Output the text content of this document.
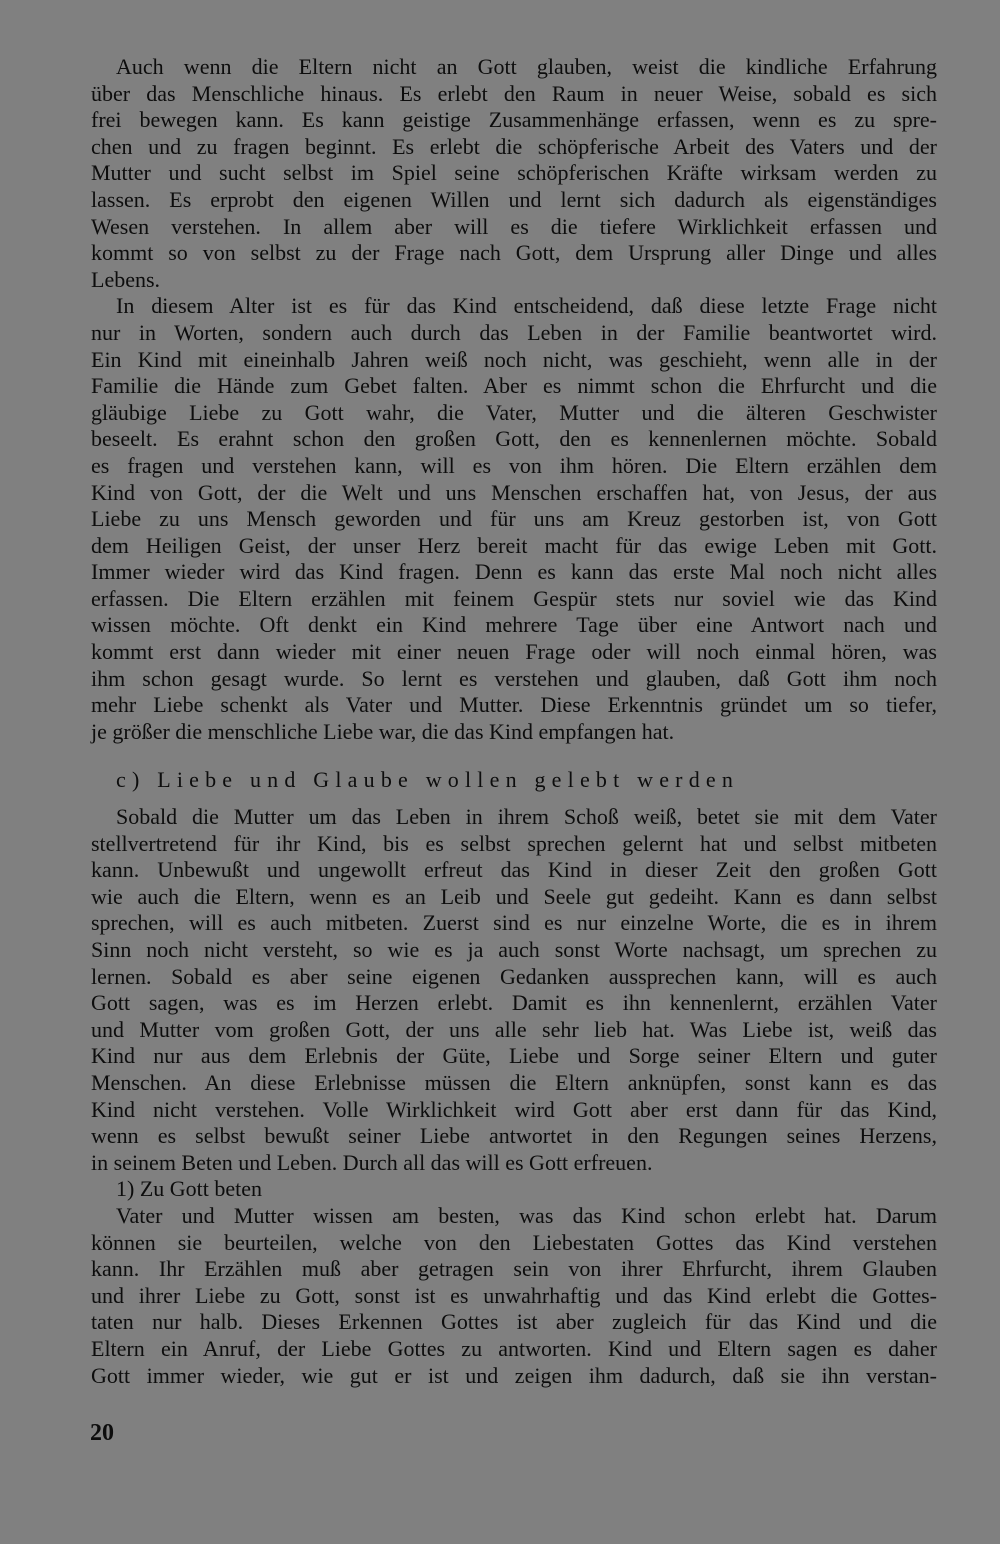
Auch wenn die Eltern nicht an Gott glauben, weist die kindliche Erfahrung
über das Menschliche hinaus. Es erlebt den Raum in neuer Weise, sobald es sich
frei bewegen kann. Es kann geistige Zusammenhänge erfassen, wenn es zu spre-
chen und zu fragen beginnt. Es erlebt die schöpferische Arbeit des Vaters und der
Mutter und sucht selbst im Spiel seine schöpferischen Kräfte wirksam werden zu
lassen. Es erprobt den eigenen Willen und lernt sich dadurch als eigenständiges
Wesen verstehen. In allem aber will es die tiefere Wirklichkeit erfassen und
kommt so von selbst zu der Frage nach Gott, dem Ursprung aller Dinge und alles
Lebens.
In diesem Alter ist es für das Kind entscheidend, daß diese letzte Frage nicht
nur in Worten, sondern auch durch das Leben in der Familie beantwortet wird.
Ein Kind mit eineinhalb Jahren weiß noch nicht, was geschieht, wenn alle in der
Familie die Hände zum Gebet falten. Aber es nimmt schon die Ehrfurcht und die
gläubige Liebe zu Gott wahr, die Vater, Mutter und die älteren Geschwister
beseelt. Es erahnt schon den großen Gott, den es kennenlernen möchte. Sobald
es fragen und verstehen kann, will es von ihm hören. Die Eltern erzählen dem
Kind von Gott, der die Welt und uns Menschen erschaffen hat, von Jesus, der aus
Liebe zu uns Mensch geworden und für uns am Kreuz gestorben ist, von Gott
dem Heiligen Geist, der unser Herz bereit macht für das ewige Leben mit Gott.
Immer wieder wird das Kind fragen. Denn es kann das erste Mal noch nicht alles
erfassen. Die Eltern erzählen mit feinem Gespür stets nur soviel wie das Kind
wissen möchte. Oft denkt ein Kind mehrere Tage über eine Antwort nach und
kommt erst dann wieder mit einer neuen Frage oder will noch einmal hören, was
ihm schon gesagt wurde. So lernt es verstehen und glauben, daß Gott ihm noch
mehr Liebe schenkt als Vater und Mutter. Diese Erkenntnis gründet um so tiefer,
je größer die menschliche Liebe war, die das Kind empfangen hat.
c) Liebe und Glaube wollen gelebt werden
Sobald die Mutter um das Leben in ihrem Schoß weiß, betet sie mit dem Vater
stellvertretend für ihr Kind, bis es selbst sprechen gelernt hat und selbst mitbeten
kann. Unbewußt und ungewollt erfreut das Kind in dieser Zeit den großen Gott
wie auch die Eltern, wenn es an Leib und Seele gut gedeiht. Kann es dann selbst
sprechen, will es auch mitbeten. Zuerst sind es nur einzelne Worte, die es in ihrem
Sinn noch nicht versteht, so wie es ja auch sonst Worte nachsagt, um sprechen zu
lernen. Sobald es aber seine eigenen Gedanken aussprechen kann, will es auch
Gott sagen, was es im Herzen erlebt. Damit es ihn kennenlernt, erzählen Vater
und Mutter vom großen Gott, der uns alle sehr lieb hat. Was Liebe ist, weiß das
Kind nur aus dem Erlebnis der Güte, Liebe und Sorge seiner Eltern und guter
Menschen. An diese Erlebnisse müssen die Eltern anknüpfen, sonst kann es das
Kind nicht verstehen. Volle Wirklichkeit wird Gott aber erst dann für das Kind,
wenn es selbst bewußt seiner Liebe antwortet in den Regungen seines Herzens,
in seinem Beten und Leben. Durch all das will es Gott erfreuen.
1) Zu Gott beten
Vater und Mutter wissen am besten, was das Kind schon erlebt hat. Darum
können sie beurteilen, welche von den Liebestaten Gottes das Kind verstehen
kann. Ihr Erzählen muß aber getragen sein von ihrer Ehrfurcht, ihrem Glauben
und ihrer Liebe zu Gott, sonst ist es unwahrhaftig und das Kind erlebt die Gottes-
taten nur halb. Dieses Erkennen Gottes ist aber zugleich für das Kind und die
Eltern ein Anruf, der Liebe Gottes zu antworten. Kind und Eltern sagen es daher
Gott immer wieder, wie gut er ist und zeigen ihm dadurch, daß sie ihn verstan-
20
